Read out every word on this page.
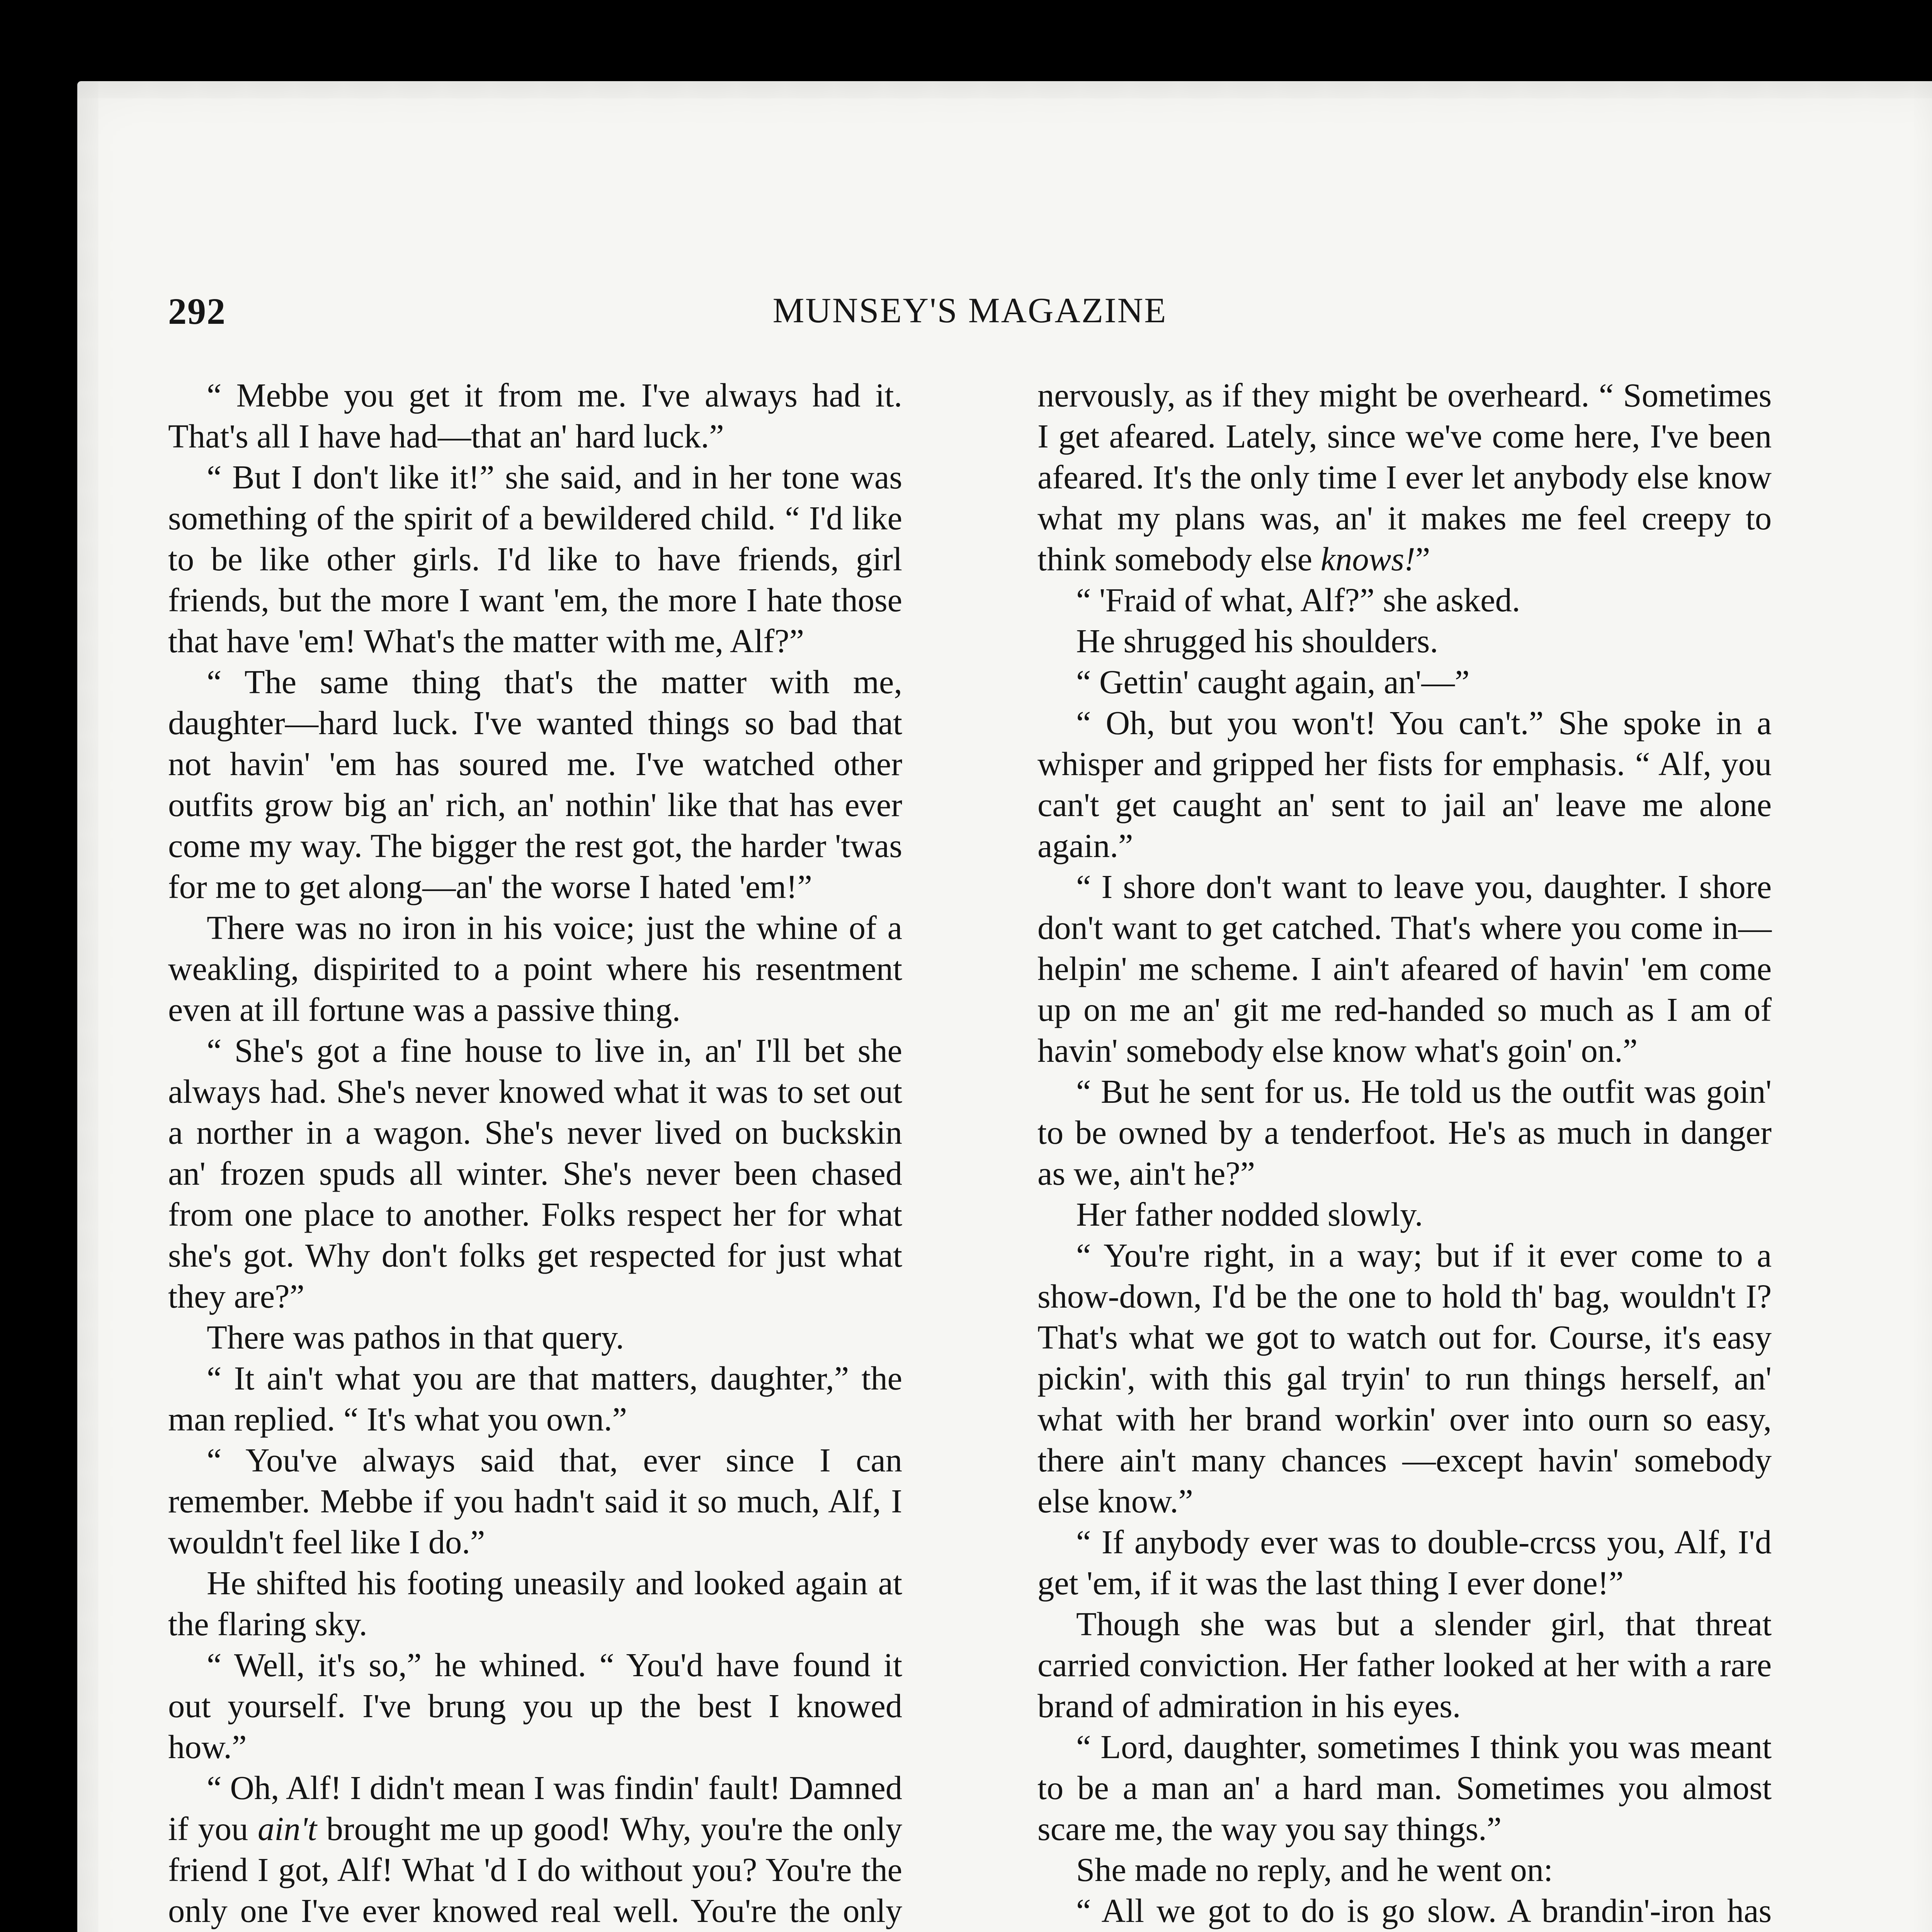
292	MUNSEY'S MAGAZINE

“ Mebbe you get it from me. I've always had it. That's all I have had—that an' hard luck.”

“ But I don't like it!” she said, and in her tone was something of the spirit of a bewildered child. “ I'd like to be like other girls. I'd like to have friends, girl friends, but the more I want 'em, the more I hate those that have 'em! What's the matter with me, Alf?”

“ The same thing that's the matter with me, daughter—hard luck. I've wanted things so bad that not havin' 'em has soured me. I've watched other outfits grow big an' rich, an' nothin' like that has ever come my way. The bigger the rest got, the harder 'twas for me to get along—an' the worse I hated 'em!”

There was no iron in his voice; just the whine of a weakling, dispirited to a point where his resentment even at ill fortune was a passive thing.

“ She's got a fine house to live in, an' I'll bet she always had. She's never knowed what it was to set out a norther in a wagon. She's never lived on buckskin an' frozen spuds all winter. She's never been chased from one place to another. Folks respect her for what she's got. Why don't folks get respected for just what they are?”

There was pathos in that query.

“ It ain't what you are that matters, daughter,” the man replied. “ It's what you own.”

“ You've always said that, ever since I can remember. Mebbe if you hadn't said it so much, Alf, I wouldn't feel like I do.”

He shifted his footing uneasily and looked again at the flaring sky.

“ Well, it's so,” he whined. “ You'd have found it out yourself. I've brung you up the best I knowed how.”

“ Oh, Alf! I didn't mean I was findin' fault! Damned if you ain't brought me up good! Why, you're the only friend I got, Alf! What 'd I do without you? You're the only one I've ever knowed real well. You're the only

nervously, as if they might be overheard. “ Sometimes I get afeared. Lately, since we've come here, I've been afeared. It's the only time I ever let anybody else know what my plans was, an' it makes me feel creepy to think somebody else knows!”

“ 'Fraid of what, Alf?” she asked.

He shrugged his shoulders.

“ Gettin' caught again, an'—”

“ Oh, but you won't! You can't.” She spoke in a whisper and gripped her fists for emphasis. “ Alf, you can't get caught an' sent to jail an' leave me alone again.”

“ I shore don't want to leave you, daughter. I shore don't want to get catched. That's where you come in—helpin' me scheme. I ain't afeared of havin' 'em come up on me an' git me red-handed so much as I am of havin' somebody else know what's goin' on.”

“ But he sent for us. He told us the outfit was goin' to be owned by a tenderfoot. He's as much in danger as we, ain't he?”

Her father nodded slowly.

“ You're right, in a way; but if it ever come to a show-down, I'd be the one to hold th' bag, wouldn't I? That's what we got to watch out for. Course, it's easy pickin', with this gal tryin' to run things herself, an' what with her brand workin' over into ourn so easy, there ain't many chances —except havin' somebody else know.”

“ If anybody ever was to double-crcss you, Alf, I'd get 'em, if it was the last thing I ever done!”

Though she was but a slender girl, that threat carried conviction. Her father looked at her with a rare brand of admiration in his eyes.

“ Lord, daughter, sometimes I think you was meant to be a man an' a hard man. Sometimes you almost scare me, the way you say things.”

She made no reply, and he went on:

“ All we got to do is go slow. A brandin'-iron has
